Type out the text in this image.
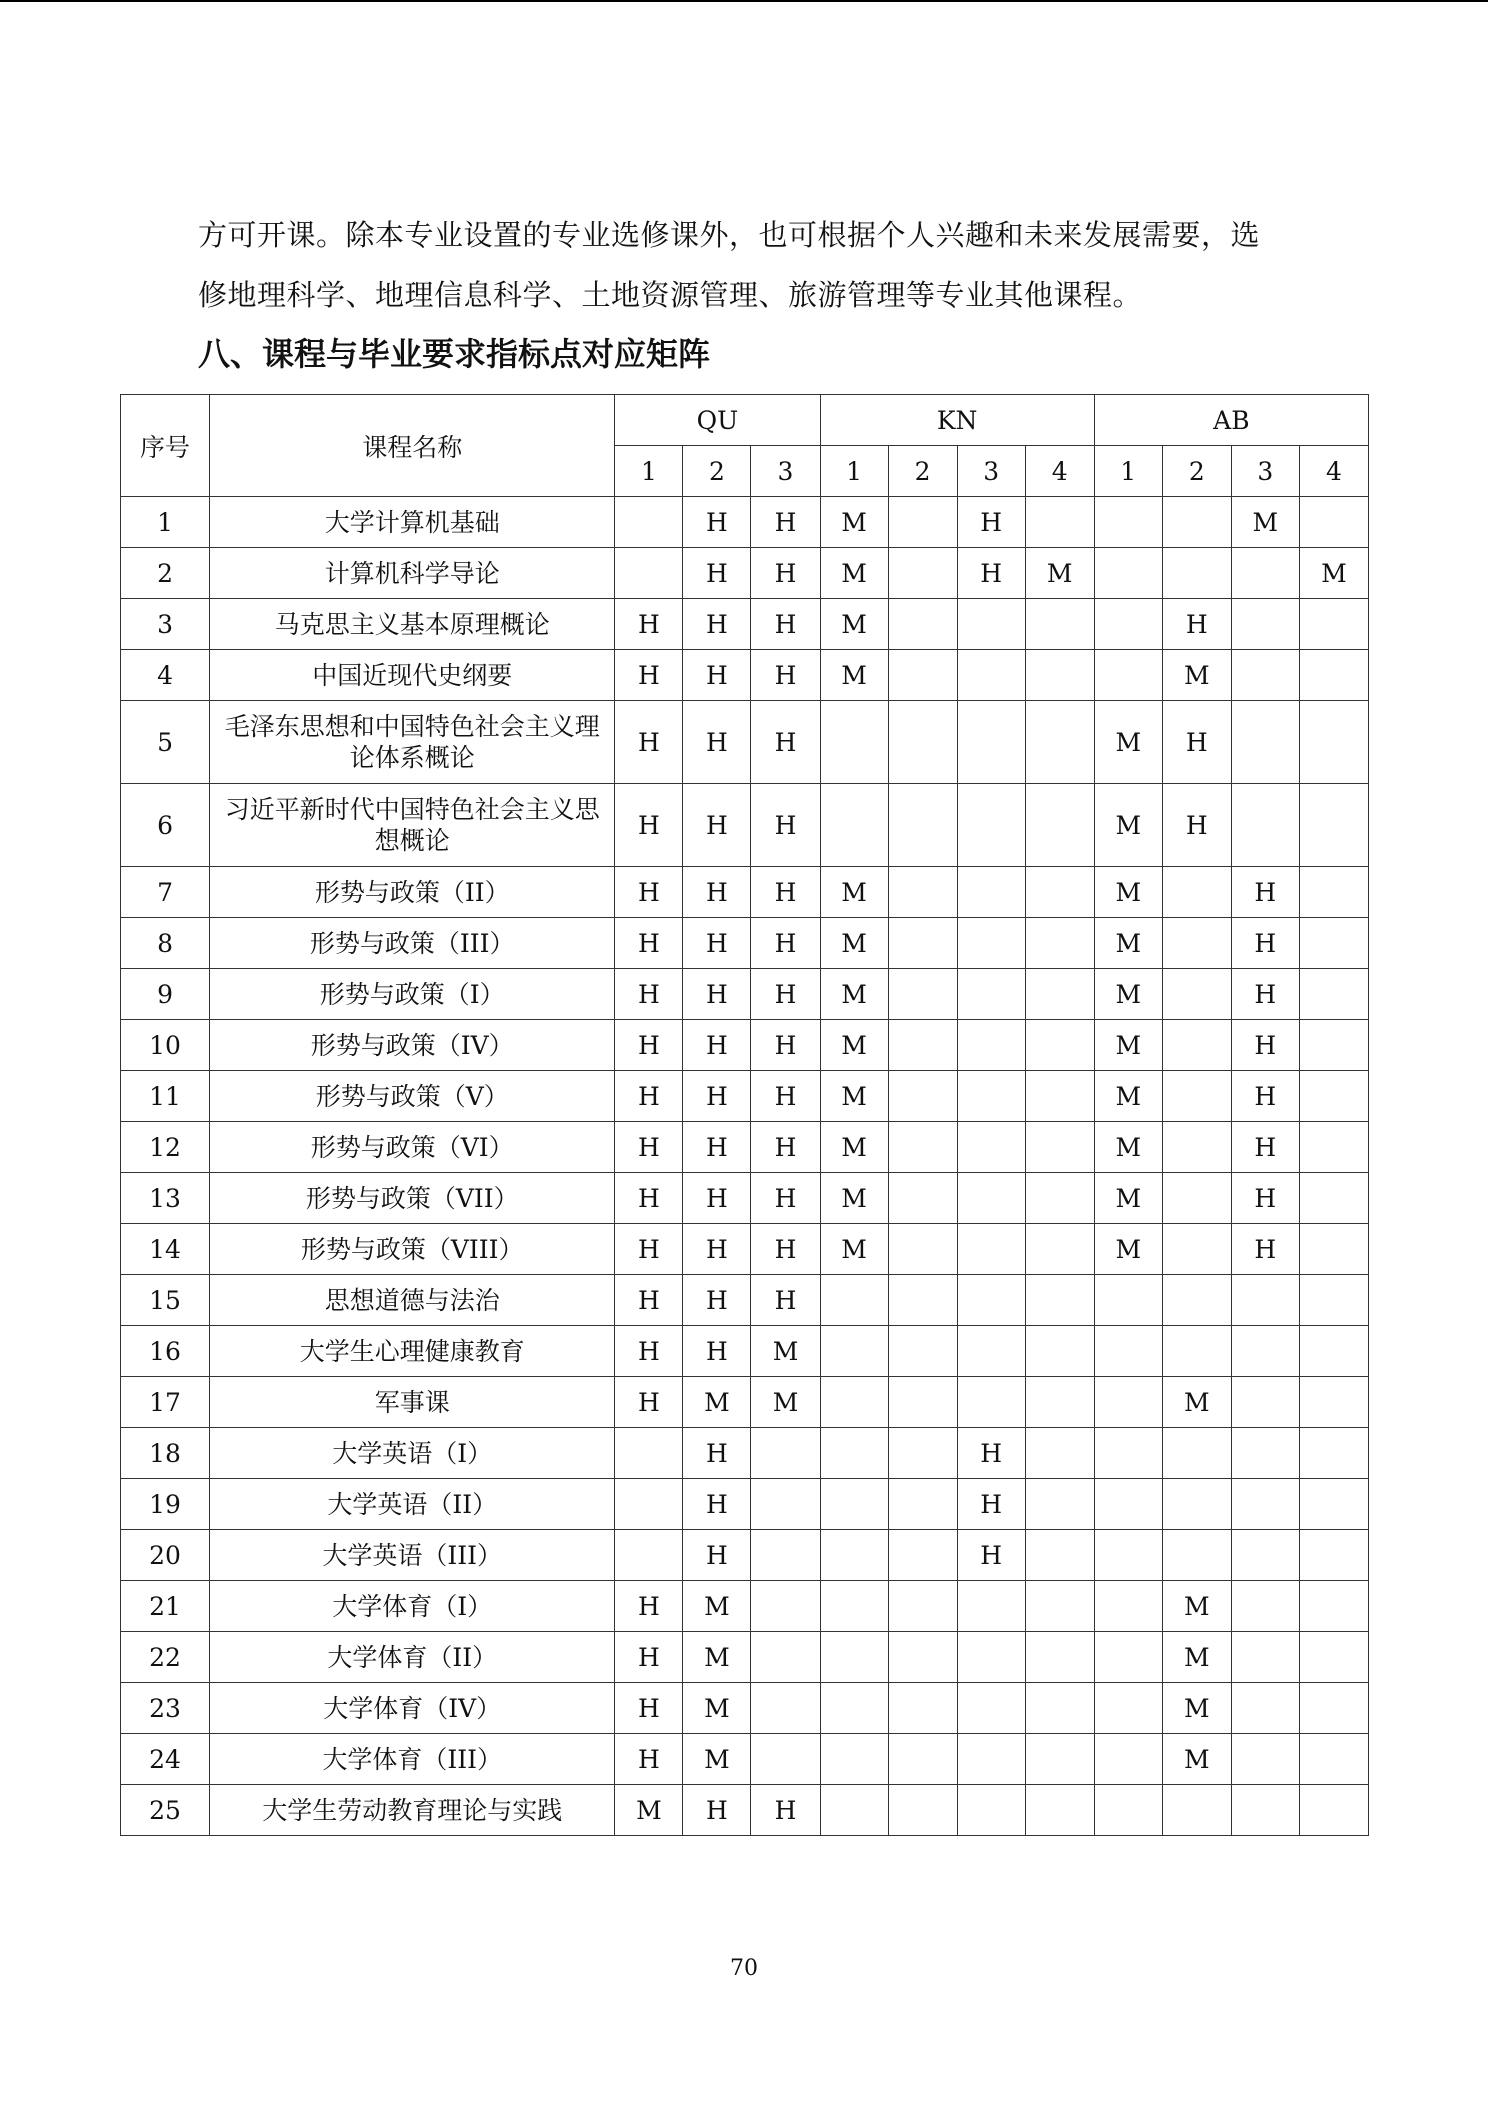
方可开课。除本专业设置的专业选修课外，也可根据个人兴趣和未来发展需要，选
修地理科学、地理信息科学、土地资源管理、旅游管理等专业其他课程。
八、课程与毕业要求指标点对应矩阵
序号	课程名称	QU			KN				AB			
		1	2	3	1	2	3	4	1	2	3	4
1	大学计算机基础		H	H	M		H				M	
2	计算机科学导论		H	H	M		H	M				M
3	马克思主义基本原理概论	H	H	H	M					H		
4	中国近现代史纲要	H	H	H	M					M		
5	毛泽东思想和中国特色社会主义理论体系概论	H	H	H					M	H		
6	习近平新时代中国特色社会主义思想概论	H	H	H					M	H		
7	形势与政策（II）	H	H	H	M				M		H	
8	形势与政策（III）	H	H	H	M				M		H	
9	形势与政策（I）	H	H	H	M				M		H	
10	形势与政策（IV）	H	H	H	M				M		H	
11	形势与政策（V）	H	H	H	M				M		H	
12	形势与政策（VI）	H	H	H	M				M		H	
13	形势与政策（VII）	H	H	H	M				M		H	
14	形势与政策（VIII）	H	H	H	M				M		H	
15	思想道德与法治	H	H	H								
16	大学生心理健康教育	H	H	M								
17	军事课	H	M	M						M		
18	大学英语（I）		H				H					
19	大学英语（II）		H				H					
20	大学英语（III）		H				H					
21	大学体育（I）	H	M							M		
22	大学体育（II）	H	M							M		
23	大学体育（IV）	H	M							M		
24	大学体育（III）	H	M							M		
25	大学生劳动教育理论与实践	M	H	H								
70
